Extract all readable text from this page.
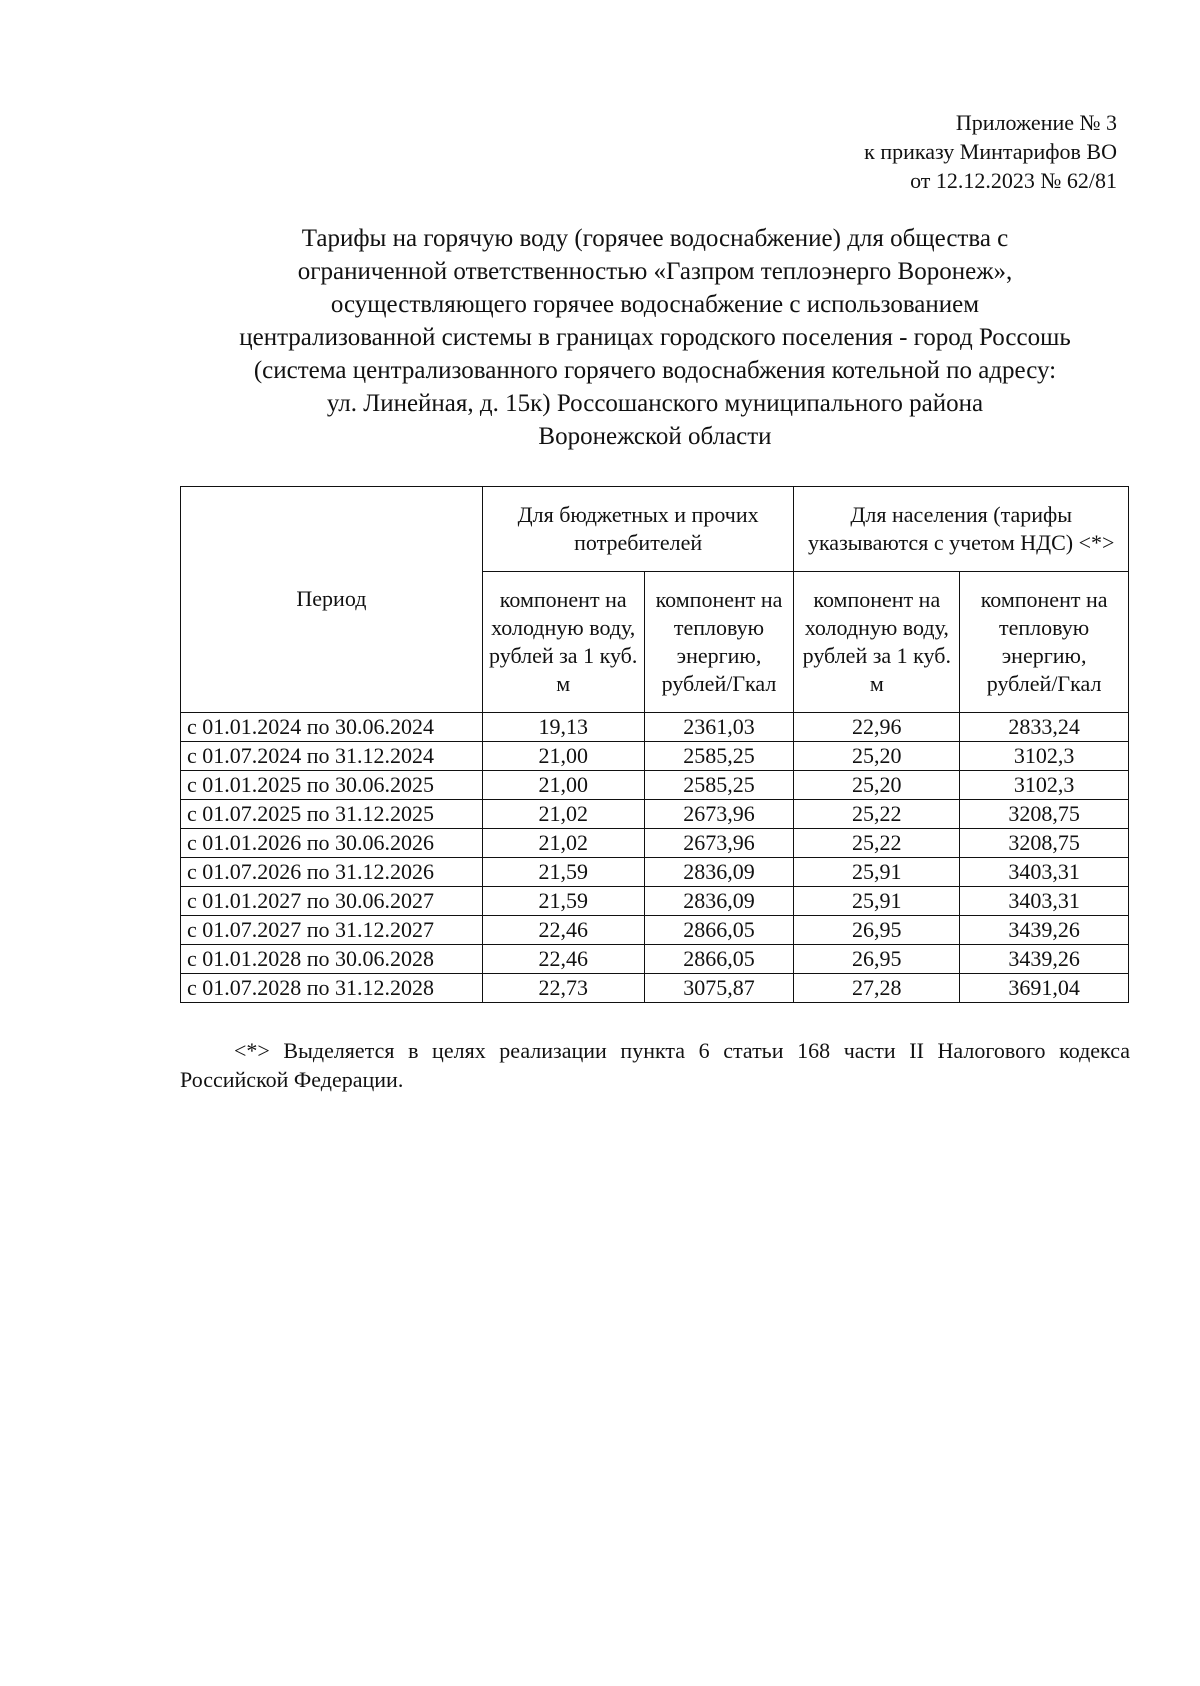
Приложение № 3
к приказу Минтарифов ВО
от 12.12.2023 № 62/81
Тарифы на горячую воду (горячее водоснабжение) для общества с
ограниченной ответственностью «Газпром теплоэнерго Воронеж»,
осуществляющего горячее водоснабжение с использованием
централизованной системы в границах городского поселения - город Россошь
(система централизованного горячего водоснабжения котельной по адресу:
ул. Линейная, д. 15к) Россошанского муниципального района
Воронежской области
Период	Для бюджетных и прочих потребителей		Для населения (тарифы указываются с учетом НДС) <*>	
	компонент на холодную воду, рублей за 1 куб. м	компонент на тепловую энергию, рублей/Гкал	компонент на холодную воду, рублей за 1 куб. м	компонент на тепловую энергию, рублей/Гкал
с 01.01.2024 по 30.06.2024	19,13	2361,03	22,96	2833,24
с 01.07.2024 по 31.12.2024	21,00	2585,25	25,20	3102,3
с 01.01.2025 по 30.06.2025	21,00	2585,25	25,20	3102,3
с 01.07.2025 по 31.12.2025	21,02	2673,96	25,22	3208,75
с 01.01.2026 по 30.06.2026	21,02	2673,96	25,22	3208,75
с 01.07.2026 по 31.12.2026	21,59	2836,09	25,91	3403,31
с 01.01.2027 по 30.06.2027	21,59	2836,09	25,91	3403,31
с 01.07.2027 по 31.12.2027	22,46	2866,05	26,95	3439,26
с 01.01.2028 по 30.06.2028	22,46	2866,05	26,95	3439,26
с 01.07.2028 по 31.12.2028	22,73	3075,87	27,28	3691,04
<*> Выделяется в целях реализации пункта 6 статьи 168 части II Налогового кодекса Российской Федерации.
